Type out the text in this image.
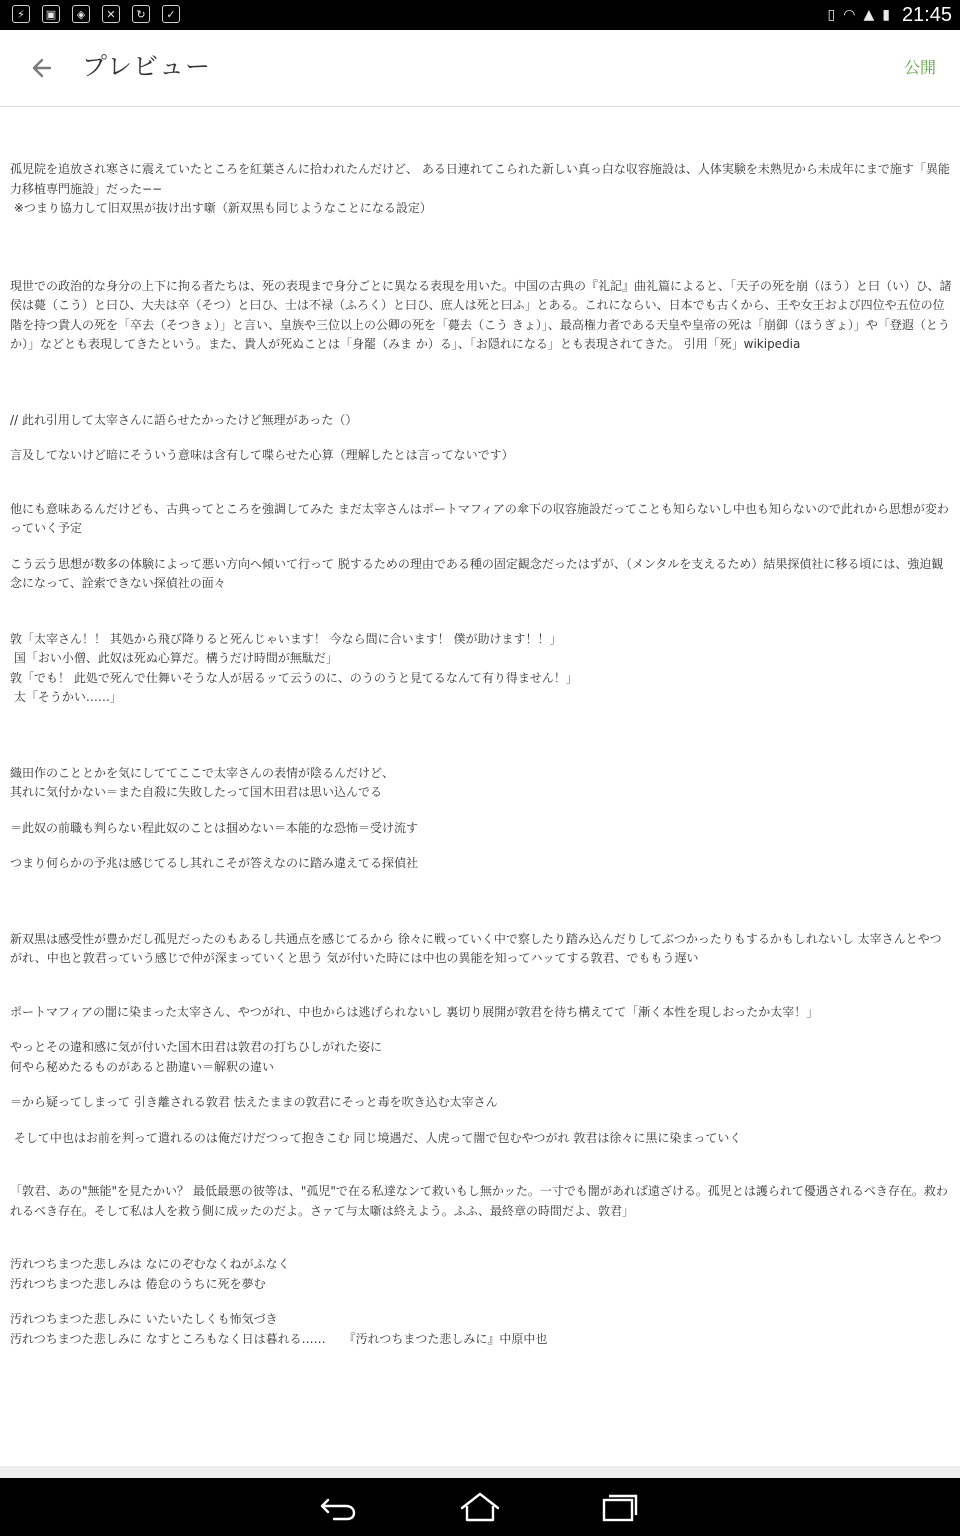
⚡	▣	◈	✕	↻	✓	▯ ◠ ▲ ▮ 21:45
プレビュー	公開

孤児院を追放され寒さに震えていたところを紅葉さんに拾われたんだけど、 ある日連れてこられた新しい真っ白な収容施設は、人体実験を未熟児から未成年にまで施す「異能力移植専門施設」だった−−
※つまり協力して旧双黒が抜け出す噺（新双黒も同じようなことになる設定）

現世での政治的な身分の上下に拘る者たちは、死の表現まで身分ごとに異なる表現を用いた。中国の古典の『礼記』曲礼篇によると、「天子の死を崩（ほう）と曰（い）ひ、諸侯は薨（こう）と曰ひ、大夫は卒（そつ）と曰ひ、士は不禄（ふろく）と曰ひ、庶人は死と曰ふ」とある。これにならい、日本でも古くから、王や女王および四位や五位の位階を持つ貴人の死を「卒去（そつきょ）」と言い、皇族や三位以上の公卿の死を「薨去（こう きょ）」、最高権力者である天皇や皇帝の死は「崩御（ほうぎょ）」や「登遐（とうか）」などとも表現してきたという。また、貴人が死ぬことは「身罷（みま か）る」、「お隠れになる」とも表現されてきた。 引用「死」wikipedia

// 此れ引用して太宰さんに語らせたかったけど無理があった（）

言及してないけど暗にそういう意味は含有して喋らせた心算（理解したとは言ってないです）

他にも意味あるんだけども、古典ってところを強調してみた まだ太宰さんはポートマフィアの傘下の収容施設だってことも知らないし中也も知らないので此れから思想が変わっていく予定

こう云う思想が数多の体験によって悪い方向へ傾いて行って 脱するための理由である種の固定観念だったはずが、（メンタルを支えるため）結果探偵社に移る頃には、強迫観念になって、詮索できない探偵社の面々

敦「太宰さん！！ 其処から飛び降りると死んじゃいます！ 今なら間に合います！ 僕が助けます！！」
国「おい小僧、此奴は死ぬ心算だ。構うだけ時間が無駄だ」
敦「でも！ 此処で死んで仕舞いそうな人が居るッて云うのに、のうのうと見てるなんて有り得ません！」
太「そうかい……」

織田作のこととかを気にしててここで太宰さんの表情が陰るんだけど、
其れに気付かない＝また自殺に失敗したって国木田君は思い込んでる

＝此奴の前職も判らない程此奴のことは掴めない＝本能的な恐怖＝受け流す

つまり何らかの予兆は感じてるし其れこそが答えなのに踏み違えてる探偵社

新双黒は感受性が豊かだし孤児だったのもあるし共通点を感じてるから 徐々に戦っていく中で察したり踏み込んだりしてぶつかったりもするかもしれないし 太宰さんとやつがれ、中也と敦君っていう感じで仲が深まっていくと思う 気が付いた時には中也の異能を知ってハッてする敦君、でももう遅い

ポートマフィアの闇に染まった太宰さん、やつがれ、中也からは逃げられないし 裏切り展開が敦君を待ち構えてて「漸く本性を現しおったか太宰！」

やっとその違和感に気が付いた国木田君は敦君の打ちひしがれた姿に
何やら秘めたるものがあると勘違い＝解釈の違い

＝から疑ってしまって 引き離される敦君 怯えたままの敦君にそっと毒を吹き込む太宰さん

そして中也はお前を判って遣れるのは俺だけだつって抱きこむ 同じ境遇だ、人虎って闇で包むやつがれ 敦君は徐々に黒に染まっていく

「敦君、あの"無能"を見たかい？ 最低最悪の彼等は、"孤児"で在る私達なンて救いもし無かッた。一寸でも闇があれば遠ざける。孤児とは護られて優遇されるべき存在。救われるべき存在。そして私は人を救う側に成ッたのだよ。さァて与太噺は終えよう。ふふ、最終章の時間だよ、敦君」

汚れつちまつた悲しみは なにのぞむなくねがふなく
汚れつちまつた悲しみは 倦怠のうちに死を夢む

汚れつちまつた悲しみに いたいたしくも怖気づき
汚れつちまつた悲しみに なすところもなく日は暮れる……　　『汚れつちまつた悲しみに』中原中也
